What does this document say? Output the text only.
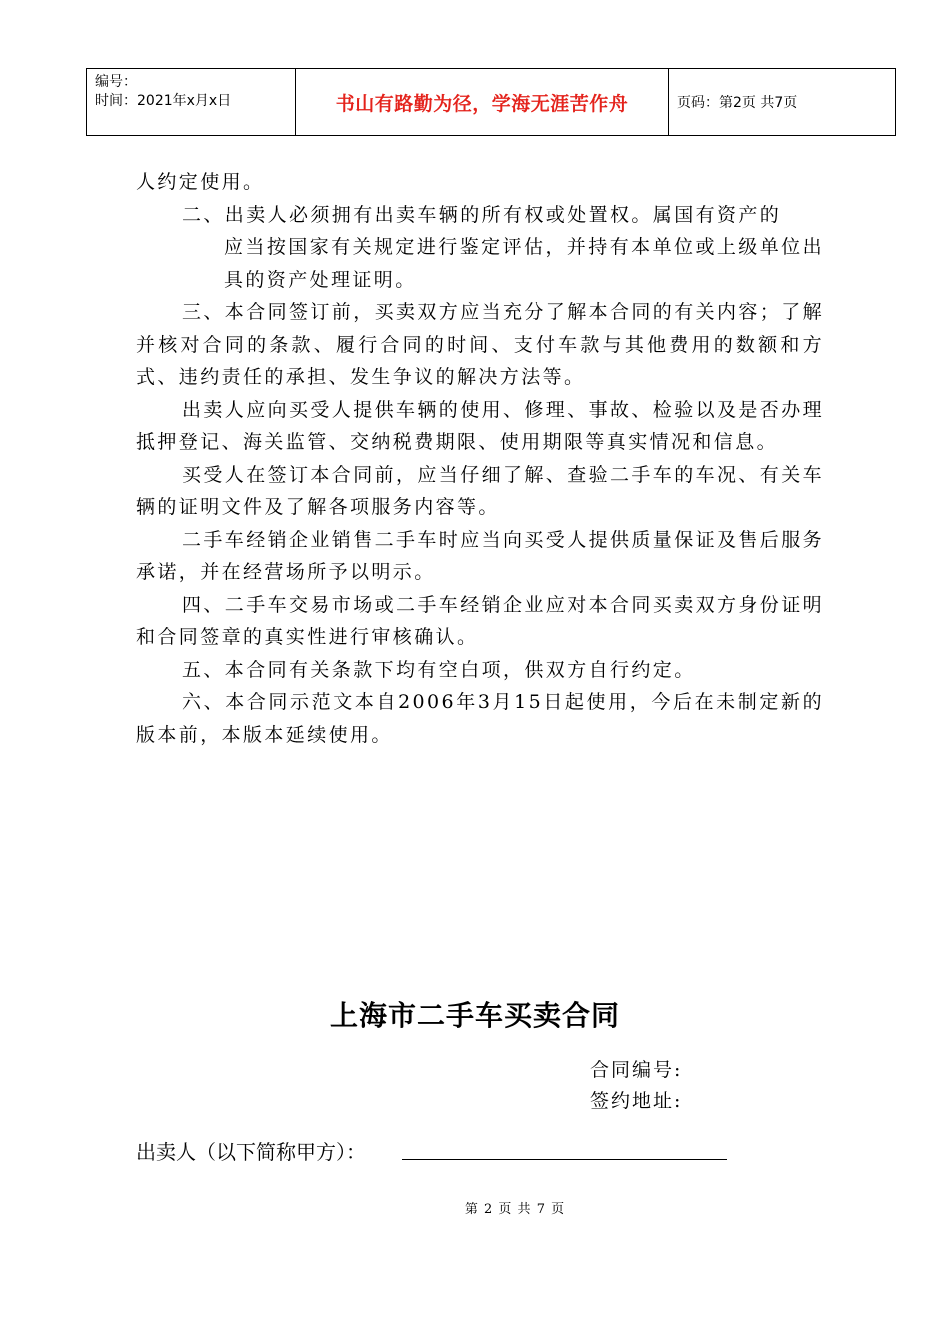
编号：
时间：2021年x月x日	书山有路勤为径，学海无涯苦作舟	页码：第2页 共7页

人约定使用。

二、出卖人必须拥有出卖车辆的所有权或处置权。属国有资产的

应当按国家有关规定进行鉴定评估，并持有本单位或上级单位出具的资产处理证明。

三、本合同签订前，买卖双方应当充分了解本合同的有关内容；了解并核对合同的条款、履行合同的时间、支付车款与其他费用的数额和方式、违约责任的承担、发生争议的解决方法等。

出卖人应向买受人提供车辆的使用、修理、事故、检验以及是否办理抵押登记、海关监管、交纳税费期限、使用期限等真实情况和信息。

买受人在签订本合同前，应当仔细了解、查验二手车的车况、有关车辆的证明文件及了解各项服务内容等。

二手车经销企业销售二手车时应当向买受人提供质量保证及售后服务承诺，并在经营场所予以明示。

四、二手车交易市场或二手车经销企业应对本合同买卖双方身份证明和合同签章的真实性进行审核确认。

五、本合同有关条款下均有空白项，供双方自行约定。

六、本合同示范文本自2006年3月15日起使用，今后在未制定新的版本前，本版本延续使用。

上海市二手车买卖合同
合同编号:
签约地址:
出卖人（以下简称甲方）：
第 2 页 共 7 页
